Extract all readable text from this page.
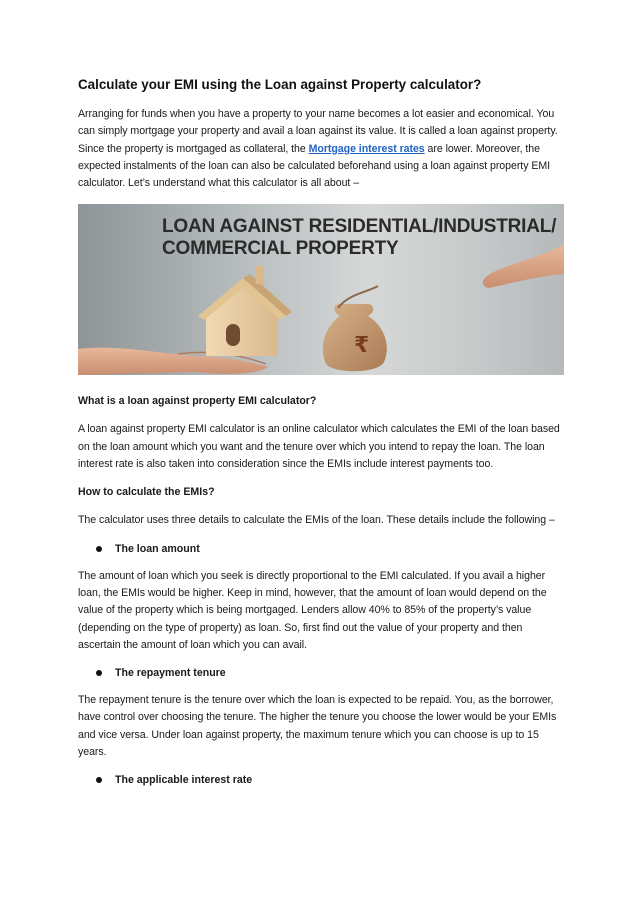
Calculate your EMI using the Loan against Property calculator?

Arranging for funds when you have a property to your name becomes a lot easier and economical. You can simply mortgage your property and avail a loan against its value. It is called a loan against property. Since the property is mortgaged as collateral, the Mortgage interest rates are lower. Moreover, the expected instalments of the loan can also be calculated beforehand using a loan against property EMI calculator. Let’s understand what this calculator is all about –

₹
LOAN AGAINST RESIDENTIAL/INDUSTRIAL/
COMMERCIAL PROPERTY
What is a loan against property EMI calculator?

A loan against property EMI calculator is an online calculator which calculates the EMI of the loan based on the loan amount which you want and the tenure over which you intend to repay the loan. The loan interest rate is also taken into consideration since the EMIs include interest payments too.

How to calculate the EMIs?

The calculator uses three details to calculate the EMIs of the loan. These details include the following –

The loan amount

The amount of loan which you seek is directly proportional to the EMI calculated. If you avail a higher loan, the EMIs would be higher. Keep in mind, however, that the amount of loan would depend on the value of the property which is being mortgaged. Lenders allow 40% to 85% of the property’s value (depending on the type of property) as loan. So, first find out the value of your property and then ascertain the amount of loan which you can avail.

The repayment tenure

The repayment tenure is the tenure over which the loan is expected to be repaid. You, as the borrower, have control over choosing the tenure. The higher the tenure you choose the lower would be your EMIs and vice versa. Under loan against property, the maximum tenure which you can choose is up to 15 years.

The applicable interest rate
